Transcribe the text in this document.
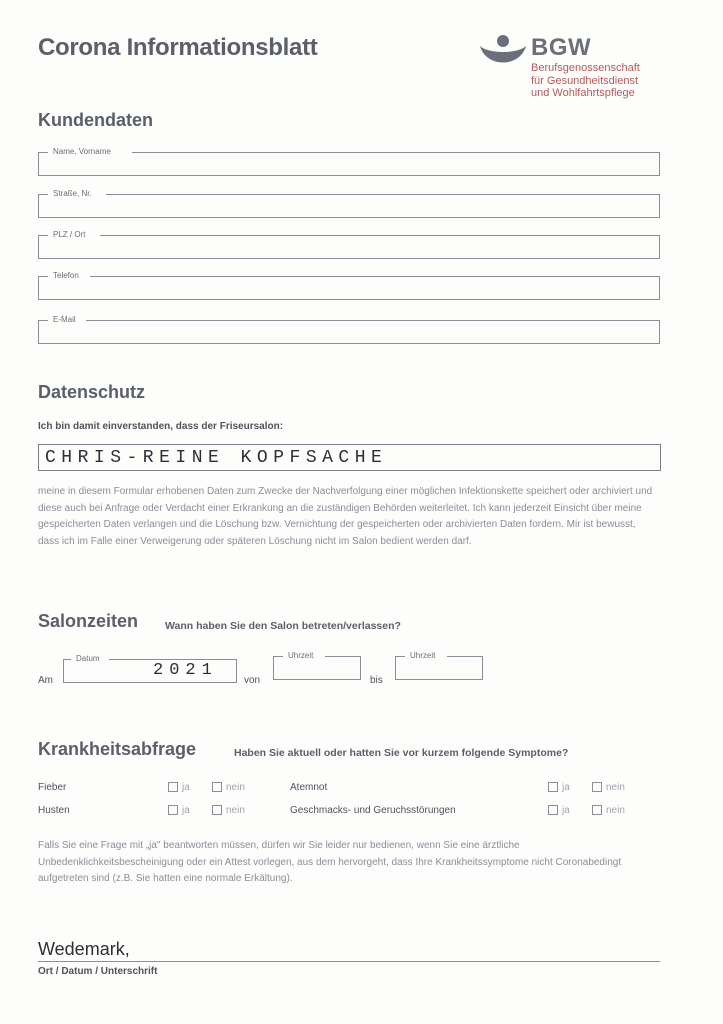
Corona Informationsblatt	BGW
Berufsgenossenschaft
für Gesundheitsdienst
und Wohlfahrtspflege
Kundendaten
Name, Vorname
Straße, Nr.
PLZ / Ort
Telefon
E-Mail
Datenschutz
Ich bin damit einverstanden, dass der Friseursalon:
CHRIS-REINE KOPFSACHE
meine in diesem Formular erhobenen Daten zum Zwecke der Nachverfolgung einer möglichen Infektionskette speichert oder archiviert und diese auch bei Anfrage oder Verdacht einer Erkrankung an die zuständigen Behörden weiterleitet. Ich kann jederzeit Einsicht über meine gespeicherten Daten verlangen und die Löschung bzw. Vernichtung der gespeicherten oder archivierten Daten fordern. Mir ist bewusst, dass ich im Falle einer Verweigerung oder späteren Löschung nicht im Salon bedient werden darf.
Salonzeiten	Wann haben Sie den Salon betreten/verlassen?
Am
Datum
2021
von
Uhrzeit
bis
Uhrzeit
Krankheitsabfrage	Haben Sie aktuell oder hatten Sie vor kurzem folgende Symptome?
Fieber	ja	nein	Atemnot	ja	nein
Husten	ja	nein	Geschmacks- und Geruchsstörungen	ja	nein
Falls Sie eine Frage mit „ja" beantworten müssen, dürfen wir Sie leider nur bedienen, wenn Sie eine ärztliche Unbedenklichkeitsbescheinigung oder ein Attest vorlegen, aus dem hervorgeht, dass Ihre Krankheitssymptome nicht Coronabedingt aufgetreten sind (z.B. Sie hatten eine normale Erkältung).
Wedemark,
Ort / Datum / Unterschrift
